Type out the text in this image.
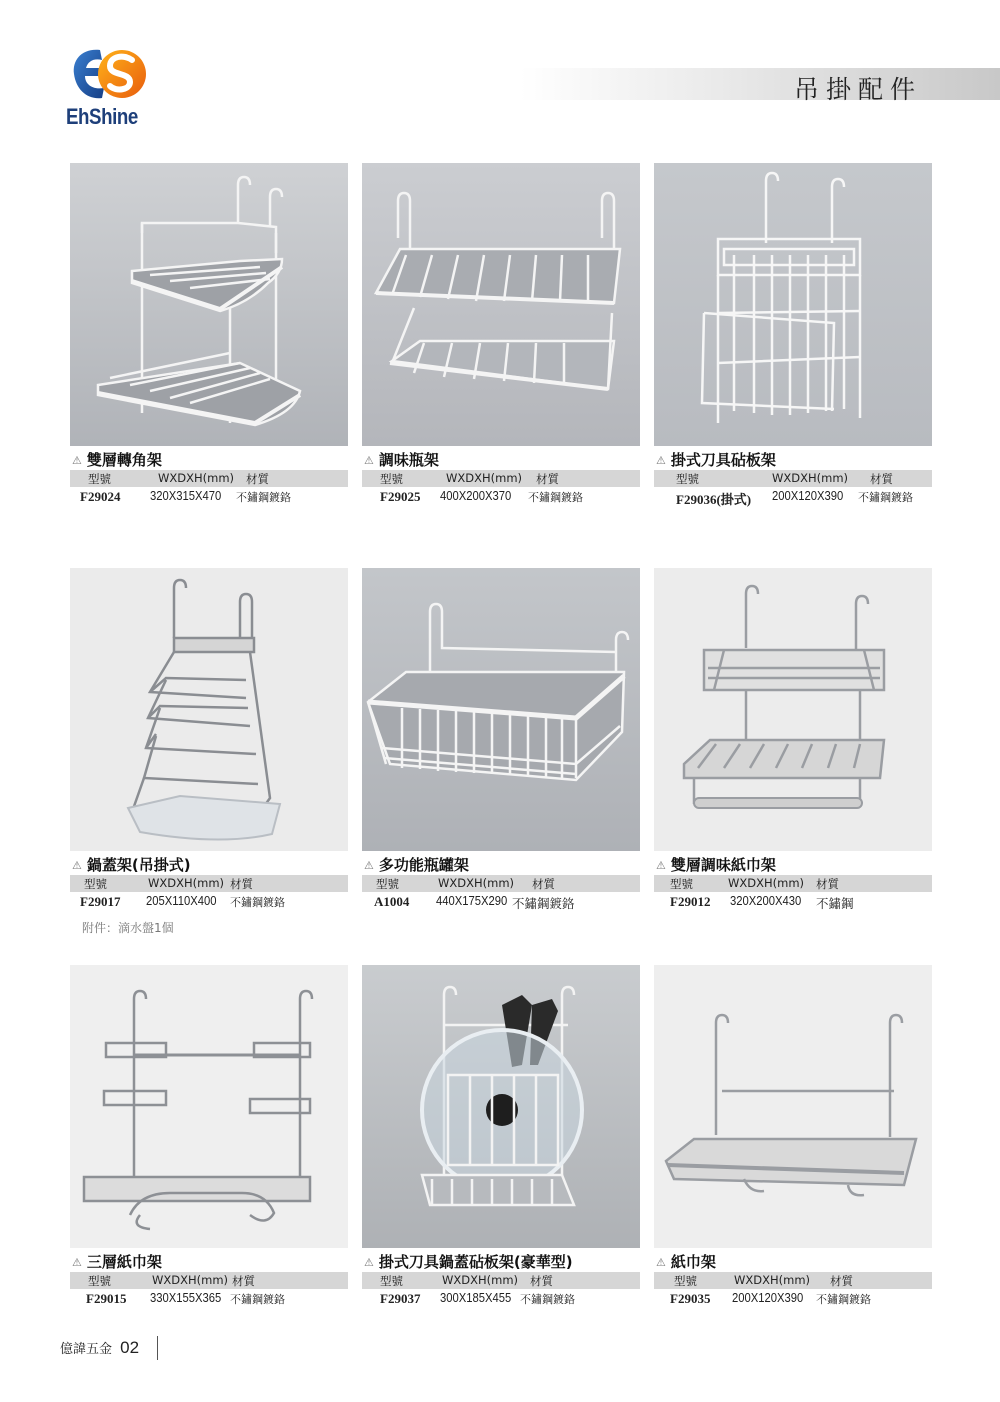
EhShine
吊掛配件
⚠ 雙層轉角架
型號	WXDXH(mm) 材質
F29024 320X315X470 不鏽鋼鍍鉻
⚠ 調味瓶架
型號	WXDXH(mm) 材質
F29025 400X200X370 不鏽鋼鍍鉻
⚠ 掛式刀具砧板架
型號	WXDXH(mm) 材質
F29036(掛式) 200X120X390 不鏽鋼鍍鉻
⚠ 鍋蓋架(吊掛式)
型號	WXDXH(mm) 材質
F29017 205X110X400 不鏽鋼鍍鉻
附件：滴水盤1個
⚠ 多功能瓶罐架
型號	WXDXH(mm) 材質
A1004 440X175X290 不鏽鋼鍍鉻
⚠ 雙層調味紙巾架
型號	WXDXH(mm) 材質
F29012 320X200X430 不鏽鋼
⚠ 三層紙巾架
型號	WXDXH(mm) 材質
F29015 330X155X365 不鏽鋼鍍鉻
⚠ 掛式刀具鍋蓋砧板架(豪華型)
型號	WXDXH(mm) 材質
F29037 300X185X455 不鏽鋼鍍鉻
⚠ 紙巾架
型號	WXDXH(mm) 材質
F29035 200X120X390 不鏽鋼鍍鉻
億諱五金 02
